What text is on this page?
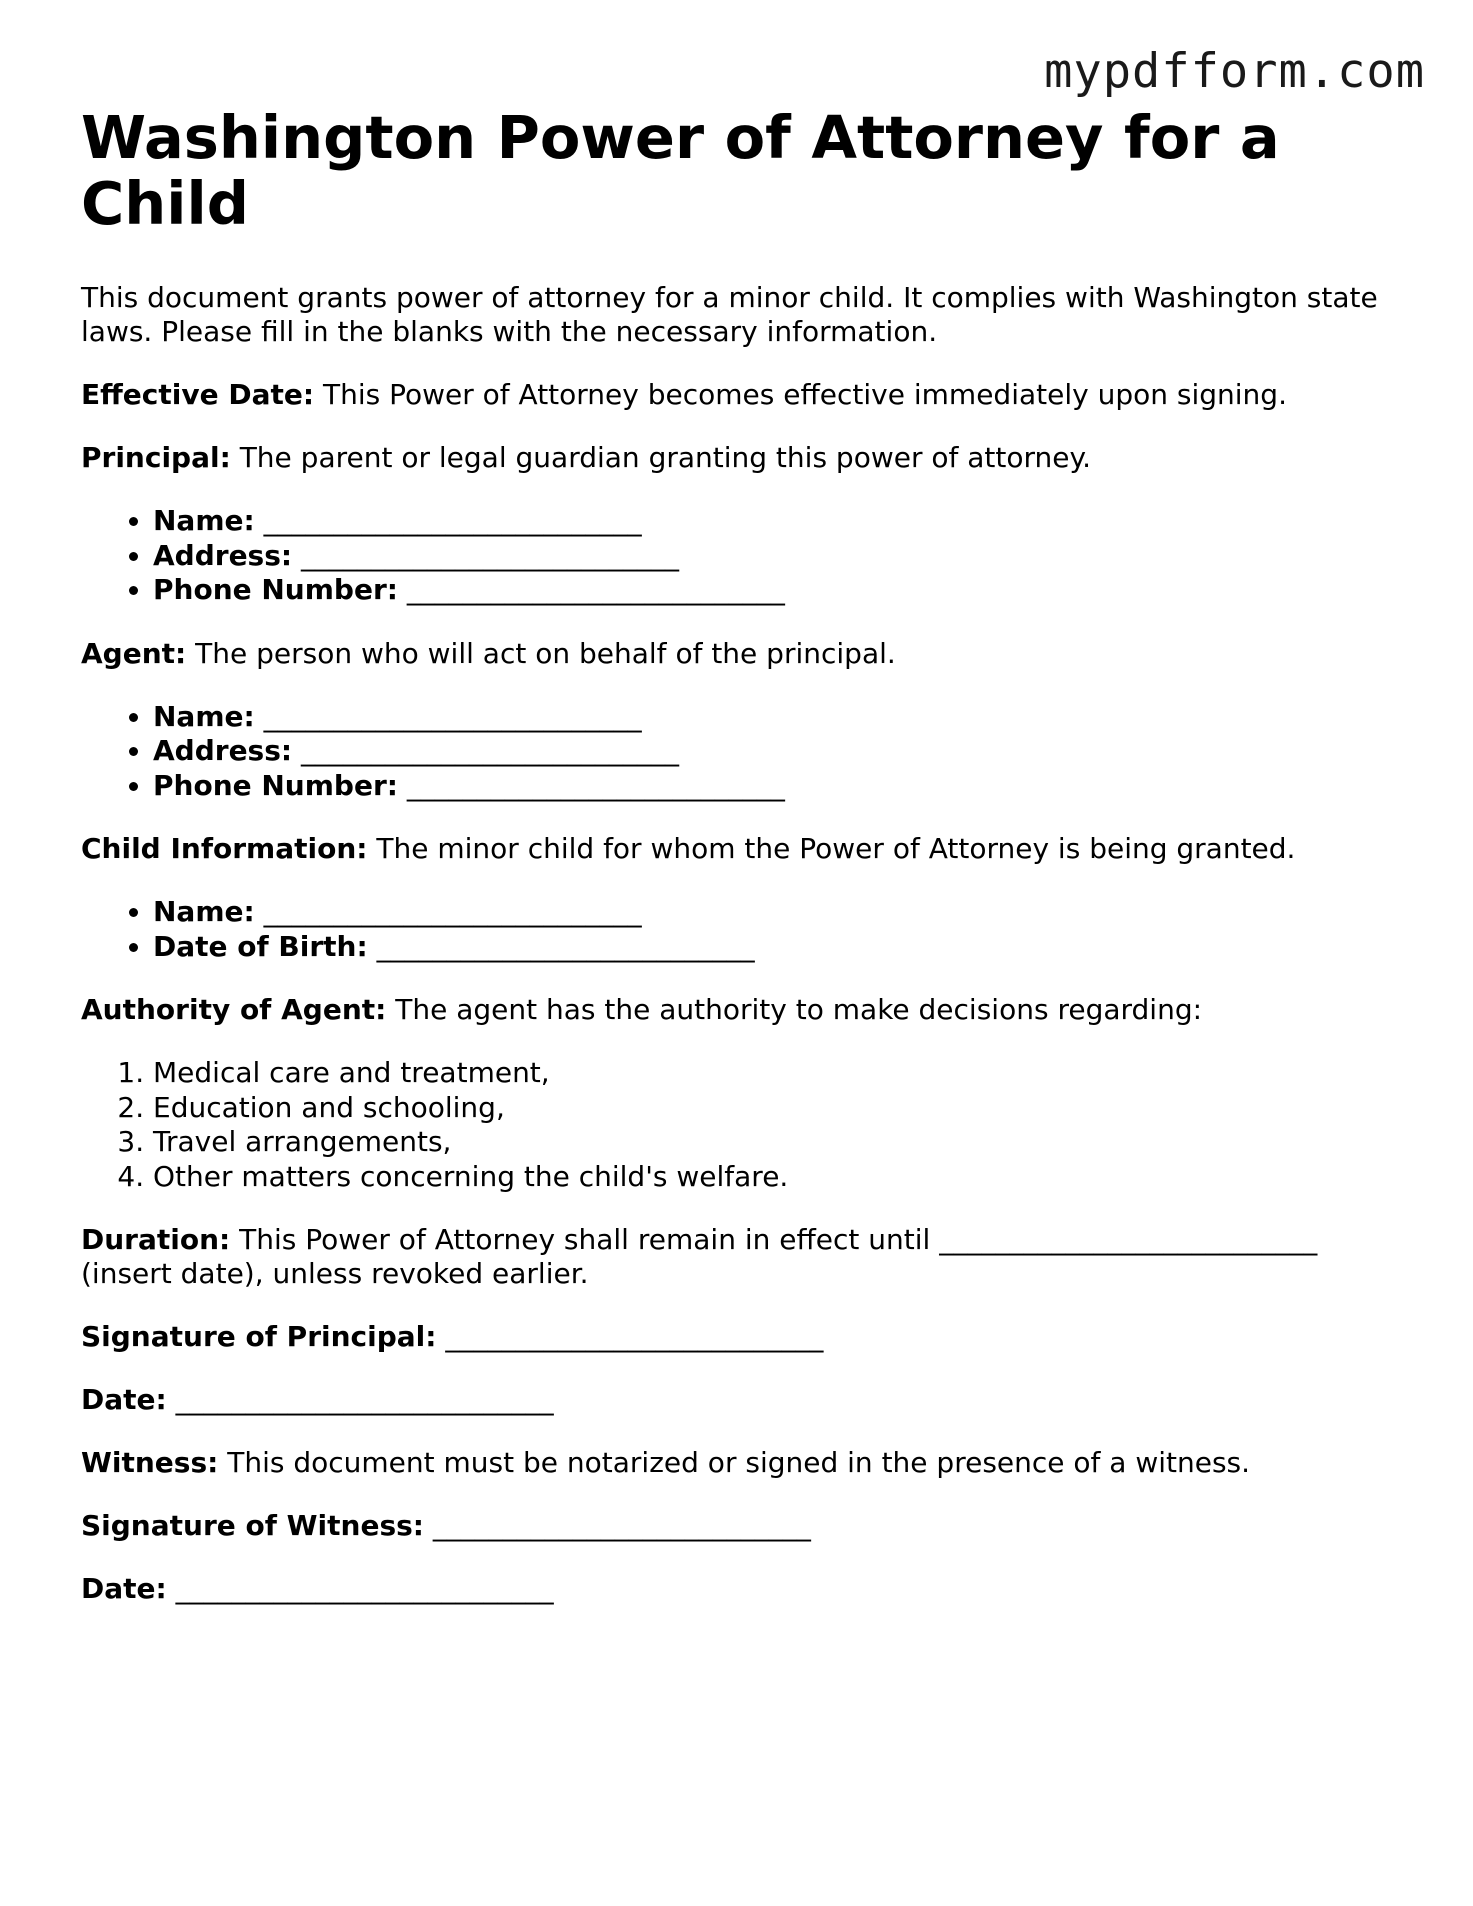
mypdfform.com
Washington Power of Attorney for a Child

This document grants power of attorney for a minor child. It complies with Washington state laws. Please fill in the blanks with the necessary information.

Effective Date: This Power of Attorney becomes effective immediately upon signing.

Principal: The parent or legal guardian granting this power of attorney.

• Name: ___________________________
• Address: ___________________________
• Phone Number: ___________________________

Agent: The person who will act on behalf of the principal.

• Name: ___________________________
• Address: ___________________________
• Phone Number: ___________________________

Child Information: The minor child for whom the Power of Attorney is being granted.

• Name: ___________________________
• Date of Birth: ___________________________

Authority of Agent: The agent has the authority to make decisions regarding:

1. Medical care and treatment,
2. Education and schooling,
3. Travel arrangements,
4. Other matters concerning the child's welfare.

Duration: This Power of Attorney shall remain in effect until ___________________________ (insert date), unless revoked earlier.

Signature of Principal: ___________________________

Date: ___________________________

Witness: This document must be notarized or signed in the presence of a witness.

Signature of Witness: ___________________________

Date: ___________________________
